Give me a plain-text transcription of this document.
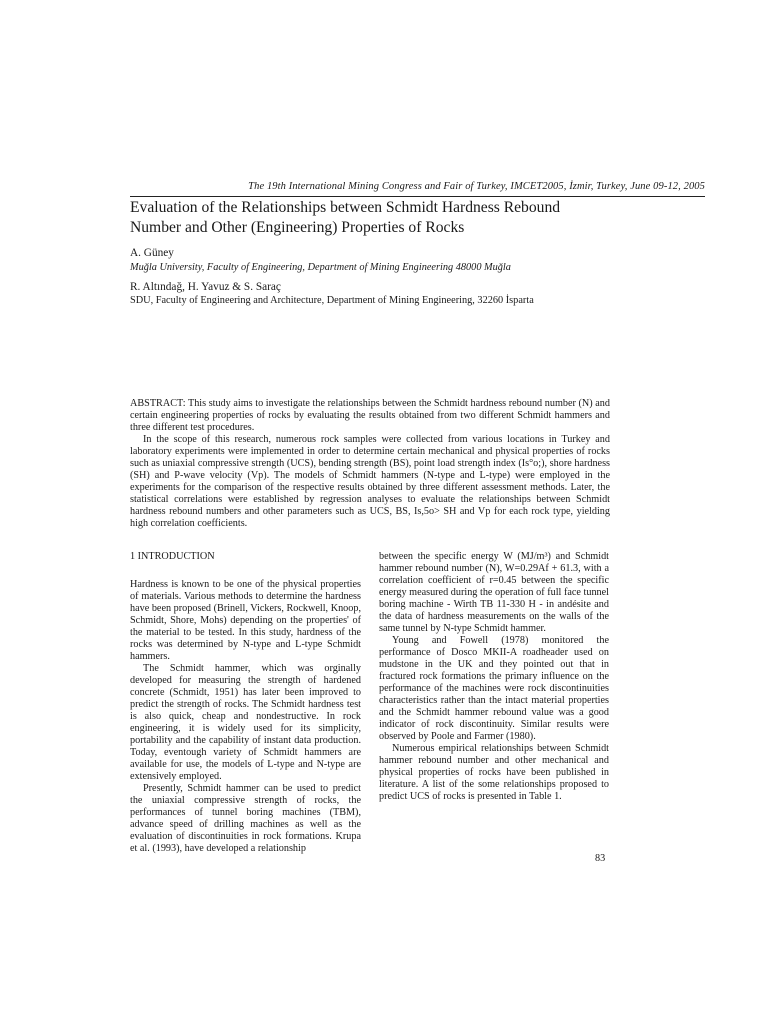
The 19th International Mining Congress and Fair of Turkey, IMCET2005, İzmir, Turkey, June 09-12, 2005
Evaluation of the Relationships between Schmidt Hardness Rebound
Number and Other (Engineering) Properties of Rocks
A. Güney
Muğla University, Faculty of Engineering, Department of Mining Engineering 48000 Muğla
R. Altındağ, H. Yavuz & S. Saraç
SDU, Faculty of Engineering and Architecture, Department of Mining Engineering, 32260 İsparta

ABSTRACT: This study aims to investigate the relationships between the Schmidt hardness rebound number (N) and certain engineering properties of rocks by evaluating the results obtained from two different Schmidt hammers and three different test procedures.

In the scope of this research, numerous rock samples were collected from various locations in Turkey and laboratory experiments were implemented in order to determine certain mechanical and physical properties of rocks such as uniaxial compressive strength (UCS), bending strength (BS), point load strength index (Is°o;), shore hardness (SH) and P-wave velocity (Vp). The models of Schmidt hammers (N-type and L-type) were employed in the experiments for the comparison of the respective results obtained by three different assessment methods. Later, the statistical correlations were established by regression analyses to evaluate the relationships between Schmidt hardness rebound numbers and other parameters such as UCS, BS, Is,5o> SH and Vp for each rock type, yielding high correlation coefficients.

1 INTRODUCTION

Hardness is known to be one of the physical properties of materials. Various methods to determine the hardness have been proposed (Brinell, Vickers, Rockwell, Knoop, Schmidt, Shore, Mohs) depending on the properties' of the material to be tested. In this study, hardness of the rocks was determined by N-type and L-type Schmidt hammers.

The Schmidt hammer, which was orginally developed for measuring the strength of hardened concrete (Schmidt, 1951) has later been improved to predict the strength of rocks. The Schmidt hardness test is also quick, cheap and nondestructive. In rock engineering, it is widely used for its simplicity, portability and the capability of instant data production. Today, eventough variety of Schmidt hammers are available for use, the models of L-type and N-type are extensively employed.

Presently, Schmidt hammer can be used to predict the uniaxial compressive strength of rocks, the performances of tunnel boring machines (TBM), advance speed of drilling machines as well as the evaluation of discontinuities in rock formations. Krupa et al. (1993), have developed a relationship

between the specific energy W (MJ/m³) and Schmidt hammer rebound number (N), W=0.29Af + 61.3, with a correlation coefficient of r=0.45 between the specific energy measured during the operation of full face tunnel boring machine - Wirth TB 11-330 H - in andésite and the data of hardness measurements on the walls of the same tunnel by N-type Schmidt hammer.

Young and Fowell (1978) monitored the performance of Dosco MKII-A roadheader used on mudstone in the UK and they pointed out that in fractured rock formations the primary influence on the performance of the machines were rock discontinuities characteristics rather than the intact material properties and the Schmidt hammer rebound value was a good indicator of rock discontinuity. Similar results were observed by Poole and Farmer (1980).

Numerous empirical relationships between Schmidt hammer rebound number and other mechanical and physical properties of rocks have been published in literature. A list of the some relationships proposed to predict UCS of rocks is presented in Table 1.

83
